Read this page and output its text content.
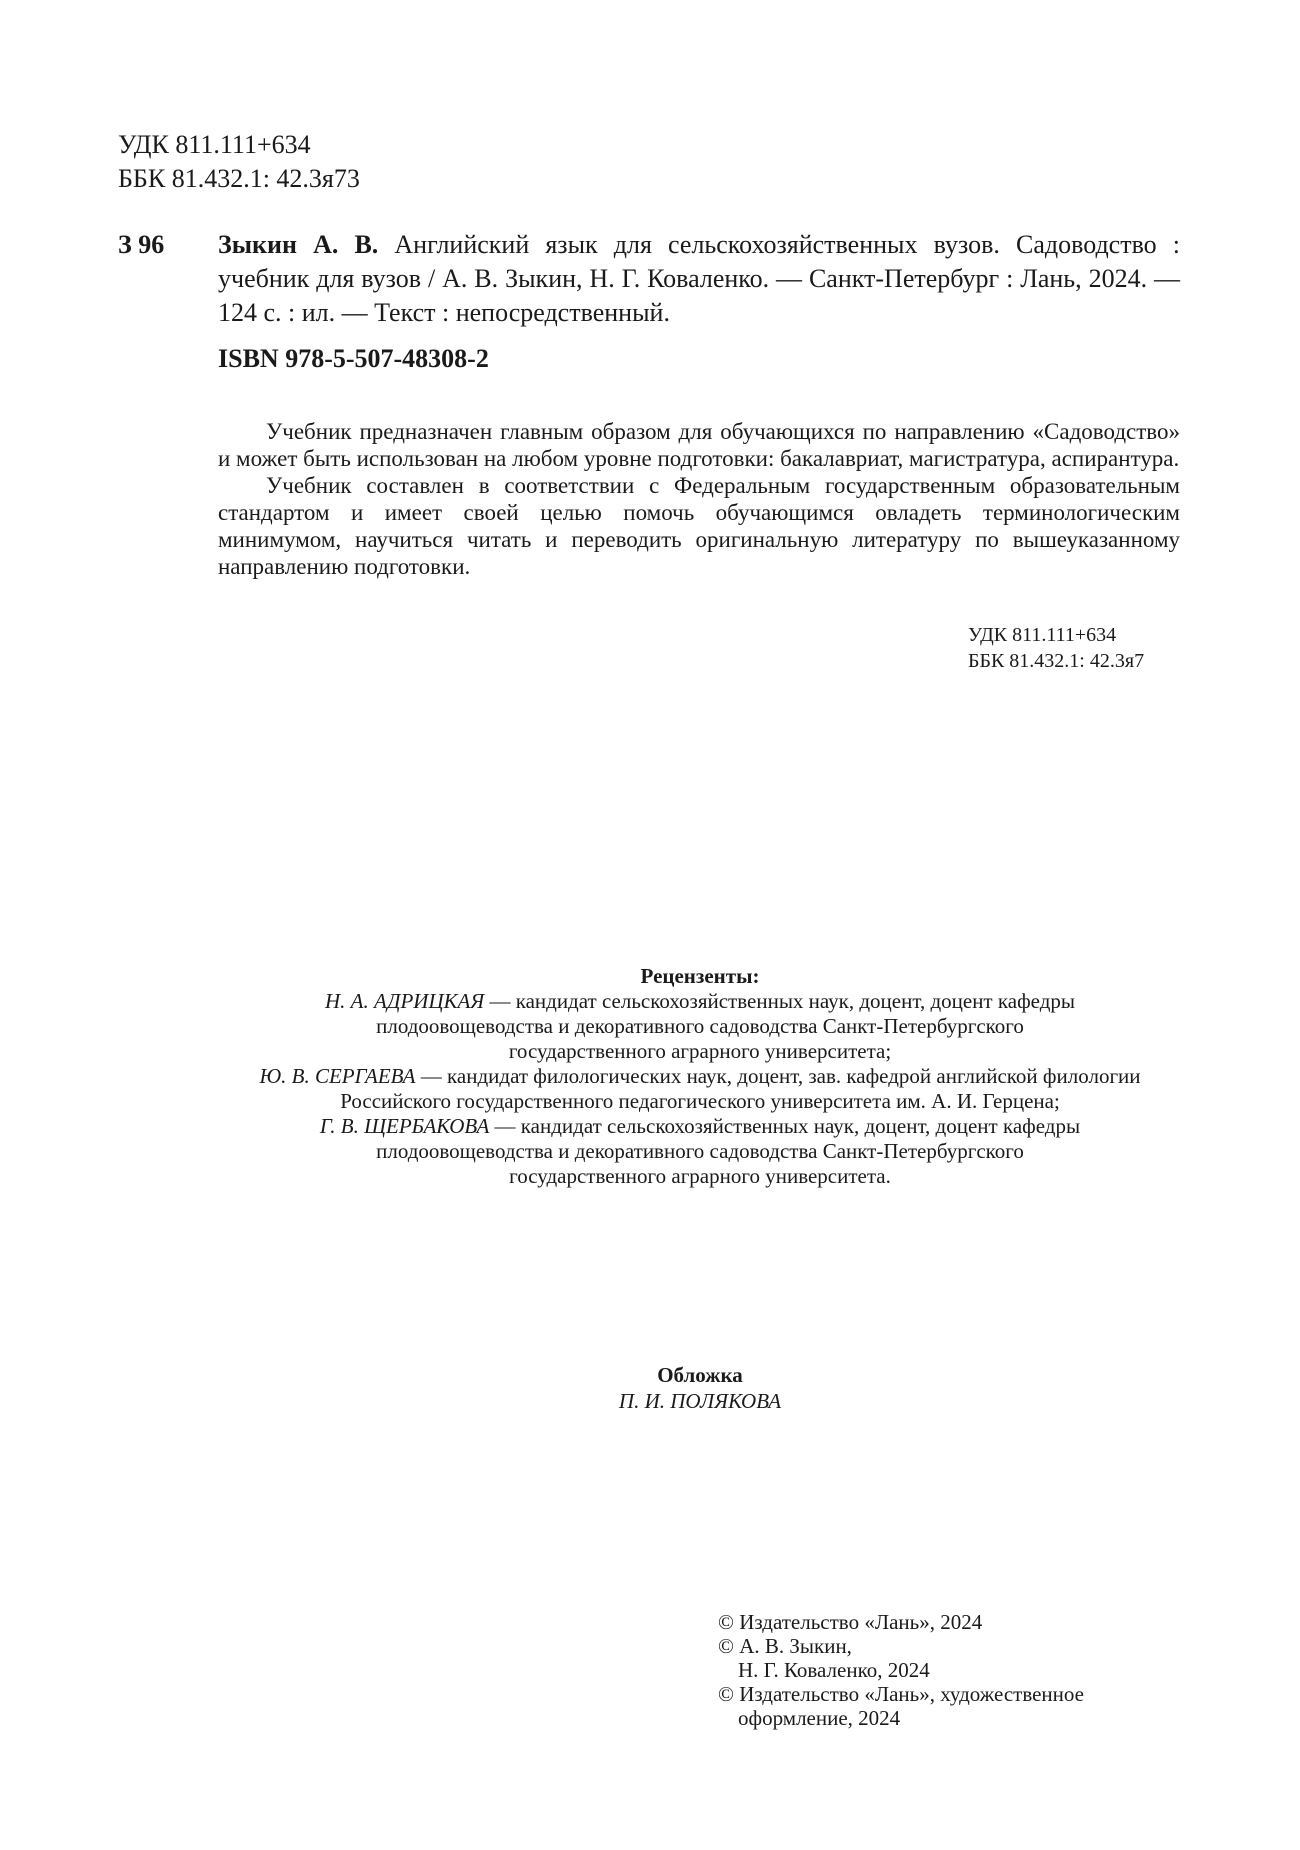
УДК 811.111+634
ББК 81.432.1: 42.3я73
З 96 Зыкин А. В. Английский язык для сельскохозяйственных вузов. Садоводство : учебник для вузов / А. В. Зыкин, Н. Г. Коваленко. — Санкт-Петербург : Лань, 2024. — 124 с. : ил. — Текст : непосредственный.
ISBN 978-5-507-48308-2

Учебник предназначен главным образом для обучающихся по направлению «Садоводство» и может быть использован на любом уровне подготовки: бакалавриат, магистратура, аспирантура.

Учебник составлен в соответствии с Федеральным государственным образовательным стандартом и имеет своей целью помочь обучающимся овладеть терминологическим минимумом, научиться читать и переводить оригинальную литературу по вышеуказанному направлению подготовки.

УДК 811.111+634
ББК 81.432.1: 42.3я7

Рецензенты:

Н. А. АДРИЦКАЯ — кандидат сельскохозяйственных наук, доцент, доцент кафедры

плодоовощеводства и декоративного садоводства Санкт-Петербургского

государственного аграрного университета;

Ю. В. СЕРГАЕВА — кандидат филологических наук, доцент, зав. кафедрой английской филологии

Российского государственного педагогического университета им. А. И. Герцена;

Г. В. ЩЕРБАКОВА — кандидат сельскохозяйственных наук, доцент, доцент кафедры

плодоовощеводства и декоративного садоводства Санкт-Петербургского

государственного аграрного университета.

Обложка
П. И. ПОЛЯКОВА
© Издательство «Лань», 2024
© А. В. Зыкин,
Н. Г. Коваленко, 2024
© Издательство «Лань», художественное
оформление, 2024
